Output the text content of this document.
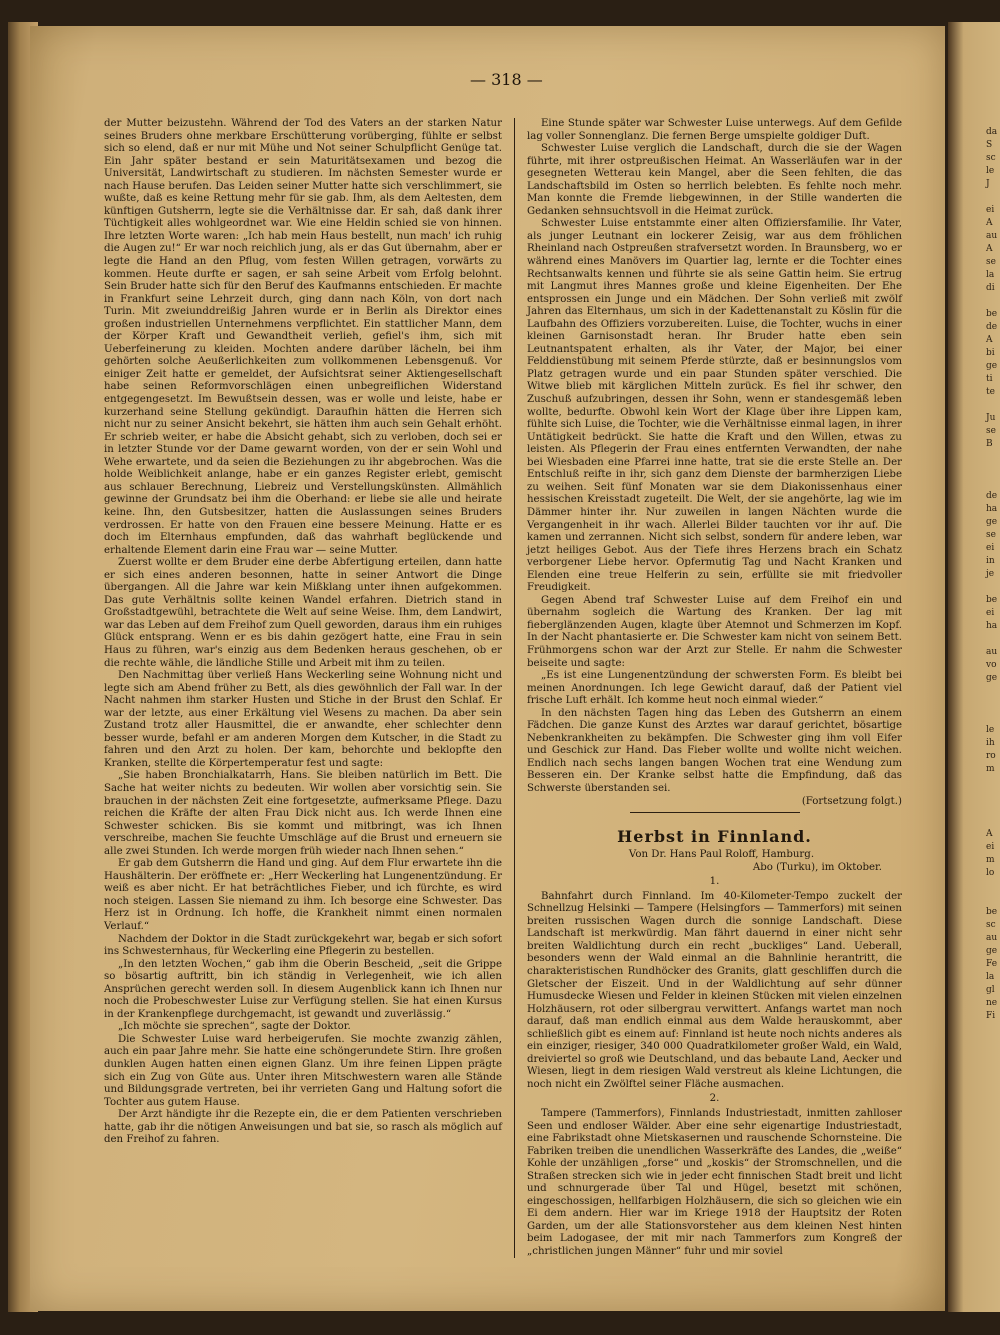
da
S
sc
le
J

ei
A
au
A
se
la
di

be
de
A
bi
ge
ti
te

Ju
se
B

de
ha
ge
se
ei
in
je

be
ei
ha

au
vo
ge

le
ih
ro
m

A
ei
m
lo

be
sc
au
ge
Fe
la
gl
ne
Fi
— 318 —

der Mutter beizustehn. Während der Tod des Vaters an der starken Natur seines Bruders ohne merkbare Erschütterung vorüberging, fühlte er selbst sich so elend, daß er nur mit Mühe und Not seiner Schulpflicht Genüge tat. Ein Jahr später bestand er sein Maturitätsexamen und bezog die Universität, Landwirtschaft zu studieren. Im nächsten Semester wurde er nach Hause berufen. Das Leiden seiner Mutter hatte sich verschlimmert, sie wußte, daß es keine Rettung mehr für sie gab. Ihm, als dem Aeltesten, dem künftigen Gutsherrn, legte sie die Verhältnisse dar. Er sah, daß dank ihrer Tüchtigkeit alles wohlgeordnet war. Wie eine Heldin schied sie von hinnen. Ihre letzten Worte waren: „Ich hab mein Haus bestellt, nun mach' ich ruhig die Augen zu!“ Er war noch reichlich jung, als er das Gut übernahm, aber er legte die Hand an den Pflug, vom festen Willen getragen, vorwärts zu kommen. Heute durfte er sagen, er sah seine Arbeit vom Erfolg belohnt. Sein Bruder hatte sich für den Beruf des Kaufmanns entschieden. Er machte in Frankfurt seine Lehrzeit durch, ging dann nach Köln, von dort nach Turin. Mit zweiunddreißig Jahren wurde er in Berlin als Direktor eines großen industriellen Unternehmens verpflichtet. Ein stattlicher Mann, dem der Körper Kraft und Gewandtheit verlieh, gefiel's ihm, sich mit Ueberfeinerung zu kleiden. Mochten andere darüber lächeln, bei ihm gehörten solche Aeußerlichkeiten zum vollkommenen Lebensgenuß. Vor einiger Zeit hatte er gemeldet, der Aufsichtsrat seiner Aktiengesellschaft habe seinen Reformvorschlägen einen unbegreiflichen Widerstand entgegengesetzt. Im Bewußtsein dessen, was er wolle und leiste, habe er kurzerhand seine Stellung gekündigt. Daraufhin hätten die Herren sich nicht nur zu seiner Ansicht bekehrt, sie hätten ihm auch sein Gehalt erhöht. Er schrieb weiter, er habe die Absicht gehabt, sich zu verloben, doch sei er in letzter Stunde vor der Dame gewarnt worden, von der er sein Wohl und Wehe erwartete, und da seien die Beziehungen zu ihr abgebrochen. Was die holde Weiblichkeit anlange, habe er ein ganzes Register erlebt, gemischt aus schlauer Berechnung, Liebreiz und Verstellungskünsten. Allmählich gewinne der Grundsatz bei ihm die Oberhand: er liebe sie alle und heirate keine. Ihn, den Gutsbesitzer, hatten die Auslassungen seines Bruders verdrossen. Er hatte von den Frauen eine bessere Meinung. Hatte er es doch im Elternhaus empfunden, daß das wahrhaft beglückende und erhaltende Element darin eine Frau war — seine Mutter.

Zuerst wollte er dem Bruder eine derbe Abfertigung erteilen, dann hatte er sich eines anderen besonnen, hatte in seiner Antwort die Dinge übergangen. All die Jahre war kein Mißklang unter ihnen aufgekommen. Das gute Verhältnis sollte keinen Wandel erfahren. Dietrich stand in Großstadtgewühl, betrachtete die Welt auf seine Weise. Ihm, dem Landwirt, war das Leben auf dem Freihof zum Quell geworden, daraus ihm ein ruhiges Glück entsprang. Wenn er es bis dahin gezögert hatte, eine Frau in sein Haus zu führen, war's einzig aus dem Bedenken heraus geschehen, ob er die rechte wähle, die ländliche Stille und Arbeit mit ihm zu teilen.

Den Nachmittag über verließ Hans Weckerling seine Wohnung nicht und legte sich am Abend früher zu Bett, als dies gewöhnlich der Fall war. In der Nacht nahmen ihm starker Husten und Stiche in der Brust den Schlaf. Er war der letzte, aus einer Erkältung viel Wesens zu machen. Da aber sein Zustand trotz aller Hausmittel, die er anwandte, eher schlechter denn besser wurde, befahl er am anderen Morgen dem Kutscher, in die Stadt zu fahren und den Arzt zu holen. Der kam, behorchte und beklopfte den Kranken, stellte die Körpertemperatur fest und sagte:

„Sie haben Bronchialkatarrh, Hans. Sie bleiben natürlich im Bett. Die Sache hat weiter nichts zu bedeuten. Wir wollen aber vorsichtig sein. Sie brauchen in der nächsten Zeit eine fortgesetzte, aufmerksame Pflege. Dazu reichen die Kräfte der alten Frau Dick nicht aus. Ich werde Ihnen eine Schwester schicken. Bis sie kommt und mitbringt, was ich Ihnen verschreibe, machen Sie feuchte Umschläge auf die Brust und erneuern sie alle zwei Stunden. Ich werde morgen früh wieder nach Ihnen sehen.“

Er gab dem Gutsherrn die Hand und ging. Auf dem Flur erwartete ihn die Haushälterin. Der eröffnete er: „Herr Weckerling hat Lungenentzündung. Er weiß es aber nicht. Er hat beträchtliches Fieber, und ich fürchte, es wird noch steigen. Lassen Sie niemand zu ihm. Ich besorge eine Schwester. Das Herz ist in Ordnung. Ich hoffe, die Krankheit nimmt einen normalen Verlauf.“

Nachdem der Doktor in die Stadt zurückgekehrt war, begab er sich sofort ins Schwesternhaus, für Weckerling eine Pflegerin zu bestellen.

„In den letzten Wochen,“ gab ihm die Oberin Bescheid, „seit die Grippe so bösartig auftritt, bin ich ständig in Verlegenheit, wie ich allen Ansprüchen gerecht werden soll. In diesem Augenblick kann ich Ihnen nur noch die Probeschwester Luise zur Verfügung stellen. Sie hat einen Kursus in der Krankenpflege durchgemacht, ist gewandt und zuverlässig.“

„Ich möchte sie sprechen“, sagte der Doktor.

Die Schwester Luise ward herbeigerufen. Sie mochte zwanzig zählen, auch ein paar Jahre mehr. Sie hatte eine schöngerundete Stirn. Ihre großen dunklen Augen hatten einen eignen Glanz. Um ihre feinen Lippen prägte sich ein Zug von Güte aus. Unter ihren Mitschwestern waren alle Stände und Bildungsgrade vertreten, bei ihr verrieten Gang und Haltung sofort die Tochter aus gutem Hause.

Der Arzt händigte ihr die Rezepte ein, die er dem Patienten verschrieben hatte, gab ihr die nötigen Anweisungen und bat sie, so rasch als möglich auf den Freihof zu fahren.

Eine Stunde später war Schwester Luise unterwegs. Auf dem Gefilde lag voller Sonnenglanz. Die fernen Berge umspielte goldiger Duft.

Schwester Luise verglich die Landschaft, durch die sie der Wagen führte, mit ihrer ostpreußischen Heimat. An Wasserläufen war in der gesegneten Wetterau kein Mangel, aber die Seen fehlten, die das Landschaftsbild im Osten so herrlich belebten. Es fehlte noch mehr. Man konnte die Fremde liebgewinnen, in der Stille wanderten die Gedanken sehnsuchtsvoll in die Heimat zurück.

Schwester Luise entstammte einer alten Offiziersfamilie. Ihr Vater, als junger Leutnant ein lockerer Zeisig, war aus dem fröhlichen Rheinland nach Ostpreußen strafversetzt worden. In Braunsberg, wo er während eines Manövers im Quartier lag, lernte er die Tochter eines Rechtsanwalts kennen und führte sie als seine Gattin heim. Sie ertrug mit Langmut ihres Mannes große und kleine Eigenheiten. Der Ehe entsprossen ein Junge und ein Mädchen. Der Sohn verließ mit zwölf Jahren das Elternhaus, um sich in der Kadettenanstalt zu Köslin für die Laufbahn des Offiziers vorzubereiten. Luise, die Tochter, wuchs in einer kleinen Garnisonstadt heran. Ihr Bruder hatte eben sein Leutnantspatent erhalten, als ihr Vater, der Major, bei einer Felddienstübung mit seinem Pferde stürzte, daß er besinnungslos vom Platz getragen wurde und ein paar Stunden später verschied. Die Witwe blieb mit kärglichen Mitteln zurück. Es fiel ihr schwer, den Zuschuß aufzubringen, dessen ihr Sohn, wenn er standesgemäß leben wollte, bedurfte. Obwohl kein Wort der Klage über ihre Lippen kam, fühlte sich Luise, die Tochter, wie die Verhältnisse einmal lagen, in ihrer Untätigkeit bedrückt. Sie hatte die Kraft und den Willen, etwas zu leisten. Als Pflegerin der Frau eines entfernten Verwandten, der nahe bei Wiesbaden eine Pfarrei inne hatte, trat sie die erste Stelle an. Der Entschluß reifte in ihr, sich ganz dem Dienste der barmherzigen Liebe zu weihen. Seit fünf Monaten war sie dem Diakonissenhaus einer hessischen Kreisstadt zugeteilt. Die Welt, der sie angehörte, lag wie im Dämmer hinter ihr. Nur zuweilen in langen Nächten wurde die Vergangenheit in ihr wach. Allerlei Bilder tauchten vor ihr auf. Die kamen und zerrannen. Nicht sich selbst, sondern für andere leben, war jetzt heiliges Gebot. Aus der Tiefe ihres Herzens brach ein Schatz verborgener Liebe hervor. Opfermutig Tag und Nacht Kranken und Elenden eine treue Helferin zu sein, erfüllte sie mit friedvoller Freudigkeit.

Gegen Abend traf Schwester Luise auf dem Freihof ein und übernahm sogleich die Wartung des Kranken. Der lag mit fieberglänzenden Augen, klagte über Atemnot und Schmerzen im Kopf. In der Nacht phantasierte er. Die Schwester kam nicht von seinem Bett. Frühmorgens schon war der Arzt zur Stelle. Er nahm die Schwester beiseite und sagte:

„Es ist eine Lungenentzündung der schwersten Form. Es bleibt bei meinen Anordnungen. Ich lege Gewicht darauf, daß der Patient viel frische Luft erhält. Ich komme heut noch einmal wieder.“

In den nächsten Tagen hing das Leben des Gutsherrn an einem Fädchen. Die ganze Kunst des Arztes war darauf gerichtet, bösartige Nebenkrankheiten zu bekämpfen. Die Schwester ging ihm voll Eifer und Geschick zur Hand. Das Fieber wollte und wollte nicht weichen. Endlich nach sechs langen bangen Wochen trat eine Wendung zum Besseren ein. Der Kranke selbst hatte die Empfindung, daß das Schwerste überstanden sei.

(Fortsetzung folgt.)

Herbst in Finnland.

Von Dr. Hans Paul Roloff, Hamburg.

Abo (Turku), im Oktober.

1.

Bahnfahrt durch Finnland. Im 40-Kilometer-Tempo zuckelt der Schnellzug Helsinki — Tampere (Helsingfors — Tammerfors) mit seinen breiten russischen Wagen durch die sonnige Landschaft. Diese Landschaft ist merkwürdig. Man fährt dauernd in einer nicht sehr breiten Waldlichtung durch ein recht „buckliges“ Land. Ueberall, besonders wenn der Wald einmal an die Bahnlinie herantritt, die charakteristischen Rundhöcker des Granits, glatt geschliffen durch die Gletscher der Eiszeit. Und in der Waldlichtung auf sehr dünner Humusdecke Wiesen und Felder in kleinen Stücken mit vielen einzelnen Holzhäusern, rot oder silbergrau verwittert. Anfangs wartet man noch darauf, daß man endlich einmal aus dem Walde herauskommt, aber schließlich gibt es einem auf: Finnland ist heute noch nichts anderes als ein einziger, riesiger, 340 000 Quadratkilometer großer Wald, ein Wald, dreiviertel so groß wie Deutschland, und das bebaute Land, Aecker und Wiesen, liegt in dem riesigen Wald verstreut als kleine Lichtungen, die noch nicht ein Zwölftel seiner Fläche ausmachen.

2.

Tampere (Tammerfors), Finnlands Industriestadt, inmitten zahlloser Seen und endloser Wälder. Aber eine sehr eigenartige Industriestadt, eine Fabrikstadt ohne Mietskasernen und rauschende Schornsteine. Die Fabriken treiben die unendlichen Wasserkräfte des Landes, die „weiße“ Kohle der unzähligen „forse“ und „koskis“ der Stromschnellen, und die Straßen strecken sich wie in jeder echt finnischen Stadt breit und licht und schnurgerade über Tal und Hügel, besetzt mit schönen, eingeschossigen, hellfarbigen Holzhäusern, die sich so gleichen wie ein Ei dem andern. Hier war im Kriege 1918 der Hauptsitz der Roten Garden, um der alle Stationsvorsteher aus dem kleinen Nest hinten beim Ladogasee, der mit mir nach Tammerfors zum Kongreß der „christlichen jungen Männer“ fuhr und mir soviel
